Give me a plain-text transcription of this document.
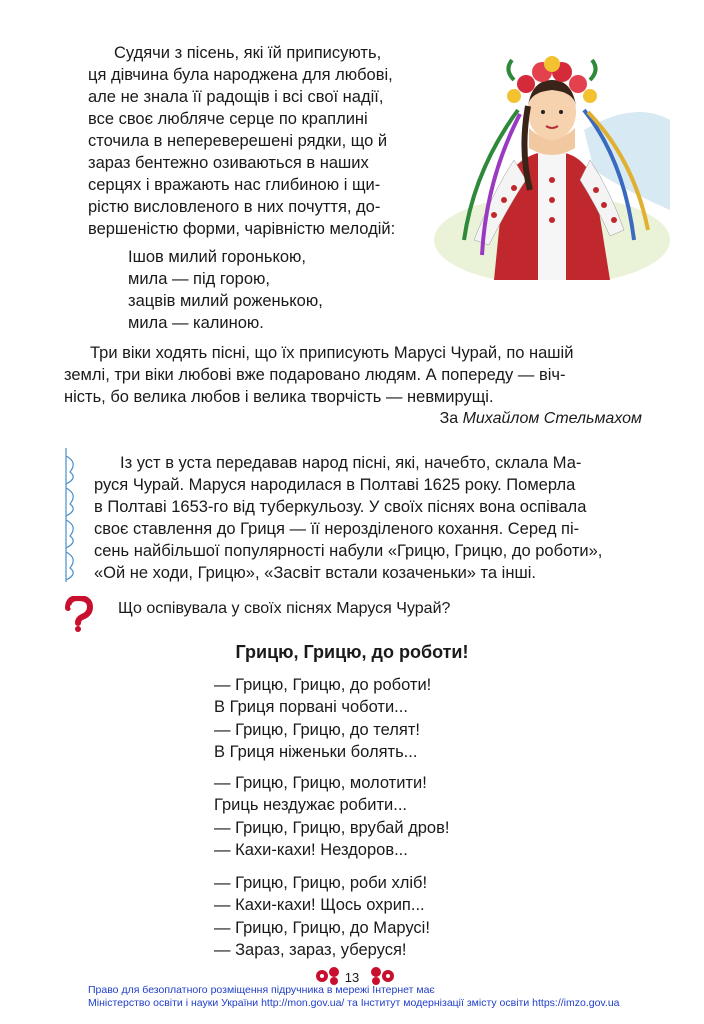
Судячи з пісень, які їй приписують,
ця дівчина була народжена для любові,
але не знала її радощів і всі свої надії,
все своє любляче серце по краплині
сточила в непереверешені рядки, що й
зараз бентежно озиваються в наших
серцях і вражають нас глибиною і щи-
рістю висловленого в них почуття, до-
вершеністю форми, чарівністю мелодій:
Ішов милий горонькою,
мила — під горою,
зацвів милий роженькою,
мила — калиною.
Три віки ходять пісні, що їх приписують Марусі Чурай, по нашій
землі, три віки любові вже подаровано людям. А попереду — віч-
ність, бо велика любов і велика творчість — невмирущі.
За Михайлом Стельмахом
Із уст в уста передавав народ пісні, які, начебто, склала Ма-
руся Чурай. Маруся народилася в Полтаві 1625 року. Померла
в Полтаві 1653-го від туберкульозу. У своїх піснях вона оспівала
своє ставлення до Гриця — її нерозділеного кохання. Серед пі-
сень найбільшої популярності набули «Грицю, Грицю, до роботи»,
«Ой не ходи, Грицю», «Засвіт встали козаченьки» та інші.
Що оспівувала у своїх піснях Маруся Чурай?
Грицю, Грицю, до роботи!
— Грицю, Грицю, до роботи!
В Гриця порвані чоботи...
— Грицю, Грицю, до телят!
В Гриця ніженьки болять...
— Грицю, Грицю, молотити!
Гриць нездужає робити...
— Грицю, Грицю, врубай дров!
— Кахи-кахи! Нездоров...
— Грицю, Грицю, роби хліб!
— Кахи-кахи! Щось охрип...
— Грицю, Грицю, до Марусі!
— Зараз, зараз, уберуся!
13
Право для безоплатного розміщення підручника в мережі Інтернет має
Міністерство освіти і науки України http://mon.gov.ua/ та Інститут модернізації змісту освіти https://imzo.gov.ua
